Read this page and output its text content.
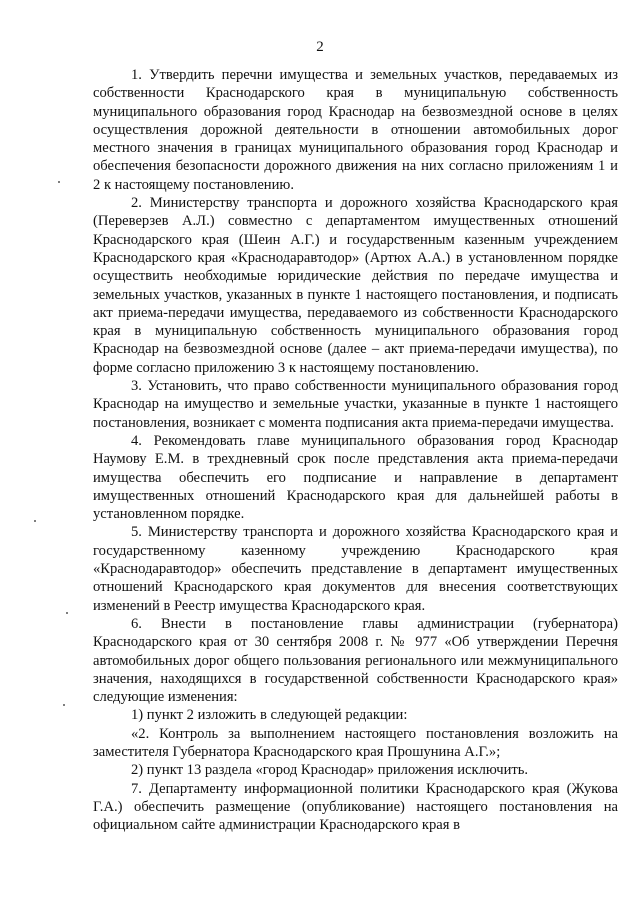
2

1. Утвердить перечни имущества и земельных участков, передаваемых из собственности Краснодарского края в муниципальную собственность муниципального образования город Краснодар на безвозмездной основе в целях осуществления дорожной деятельности в отношении автомобильных дорог местного значения в границах муниципального образования город Краснодар и обеспечения безопасности дорожного движения на них согласно приложениям 1 и 2 к настоящему постановлению.

2. Министерству транспорта и дорожного хозяйства Краснодарского края (Переверзев А.Л.) совместно с департаментом имущественных отношений Краснодарского края (Шеин А.Г.) и государственным казенным учреждением Краснодарского края «Краснодаравтодор» (Артюх А.А.) в установленном порядке осуществить необходимые юридические действия по передаче имущества и земельных участков, указанных в пункте 1 настоящего постановления, и подписать акт приема-передачи имущества, передаваемого из собственности Краснодарского края в муниципальную собственность муниципального образования город Краснодар на безвозмездной основе (далее – акт приема-передачи имущества), по форме согласно приложению 3 к настоящему постановлению.

3. Установить, что право собственности муниципального образования город Краснодар на имущество и земельные участки, указанные в пункте 1 настоящего постановления, возникает с момента подписания акта приема-передачи имущества.

4. Рекомендовать главе муниципального образования город Краснодар Наумову Е.М. в трехдневный срок после представления акта приема-передачи имущества обеспечить его подписание и направление в департамент имущественных отношений Краснодарского края для дальнейшей работы в установленном порядке.

5. Министерству транспорта и дорожного хозяйства Краснодарского края и государственному казенному учреждению Краснодарского края «Краснодаравтодор» обеспечить представление в департамент имущественных отношений Краснодарского края документов для внесения соответствующих изменений в Реестр имущества Краснодарского края.

6. Внести в постановление главы администрации (губернатора) Краснодарского края от 30 сентября 2008 г. № 977 «Об утверждении Перечня автомобильных дорог общего пользования регионального или межмуниципального значения, находящихся в государственной собственности Краснодарского края» следующие изменения:

1) пункт 2 изложить в следующей редакции:

«2. Контроль за выполнением настоящего постановления возложить на заместителя Губернатора Краснодарского края Прошунина А.Г.»;

2) пункт 13 раздела «город Краснодар» приложения исключить.

7. Департаменту информационной политики Краснодарского края (Жукова Г.А.) обеспечить размещение (опубликование) настоящего постановления на официальном сайте администрации Краснодарского края в
